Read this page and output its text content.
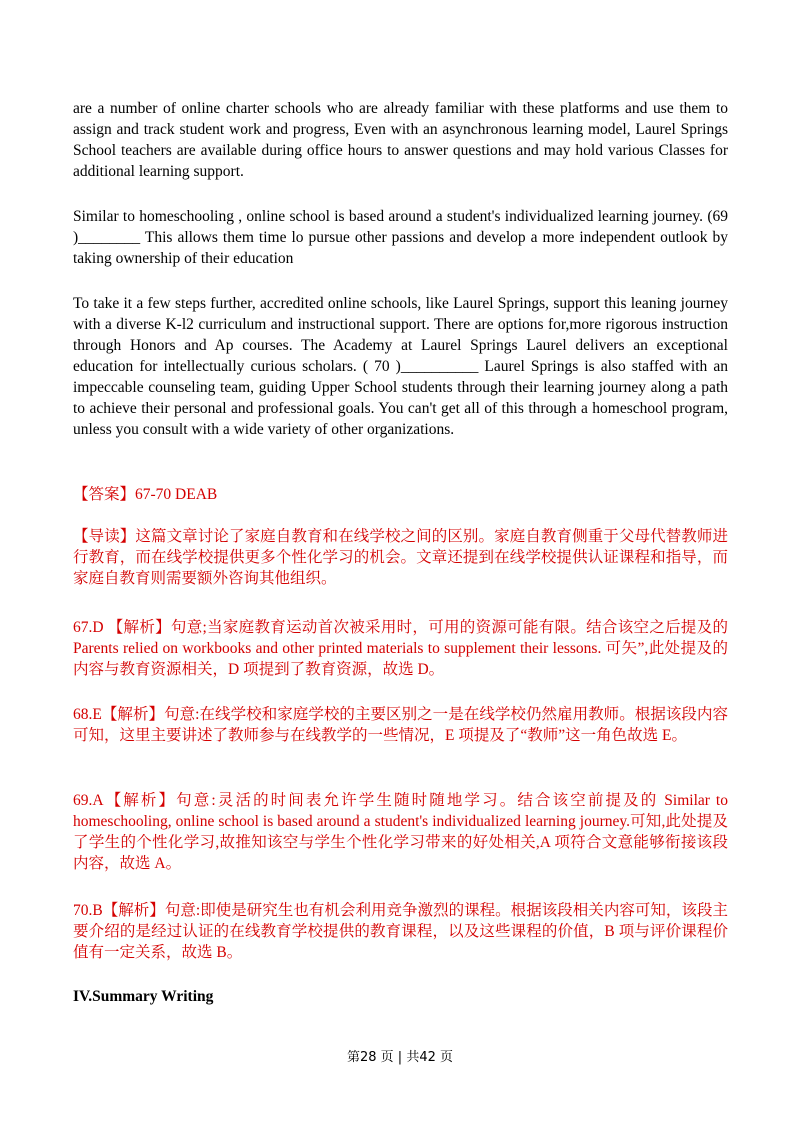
are a number of online charter schools who are already familiar with these platforms and use them to assign and track student work and progress, Even with an asynchronous learning model, Laurel Springs School teachers are available during office hours to answer questions and may hold various Classes for additional learning support.

Similar to homeschooling , online school is based around a student's individualized learning journey. (69 )________ This allows them time lo pursue other passions and develop a more independent outlook by taking ownership of their education

To take it a few steps further, accredited online schools, like Laurel Springs, support this leaning journey with a diverse K-l2 curriculum and instructional support. There are options for,more rigorous instruction through Honors and Ap courses. The Academy at Laurel Springs Laurel delivers an exceptional education for intellectually curious scholars. ( 70 )__________ Laurel Springs is also staffed with an impeccable counseling team, guiding Upper School students through their learning journey along a path to achieve their personal and professional goals. You can't get all of this through a homeschool program, unless you consult with a wide variety of other organizations.

【答案】67-70 DEAB

【导读】这篇文章讨论了家庭自教育和在线学校之间的区别。家庭自教育侧重于父母代替教师进行教育，而在线学校提供更多个性化学习的机会。文章还提到在线学校提供认证课程和指导，而家庭自教育则需要额外咨询其他组织。

67.D 【解析】句意;当家庭教育运动首次被采用时，可用的资源可能有限。结合该空之后提及的 Parents relied on workbooks and other printed materials to supplement their lessons. 可矢”,此处提及的内容与教育资源相关，D 项提到了教育资源，故选 D。

68.E【解析】句意:在线学校和家庭学校的主要区别之一是在线学校仍然雇用教师。根据该段内容可知，这里主要讲述了教师参与在线教学的一些情况，E 项提及了“教师”这一角色故选 E。

69.A【解析】句意:灵活的时间表允许学生随时随地学习。结合该空前提及的 Similar to homeschooling, online school is based around a student's individualized learning journey.可知,此处提及了学生的个性化学习,故推知该空与学生个性化学习带来的好处相关,A 项符合文意能够衔接该段内容，故选 A。

70.B【解析】句意:即使是研究生也有机会利用竞争激烈的课程。根据该段相关内容可知，该段主要介绍的是经过认证的在线教育学校提供的教育课程，以及这些课程的价值，B 项与评价课程价值有一定关系，故选 B。

IV.Summary Writing

第28 页 | 共42 页
